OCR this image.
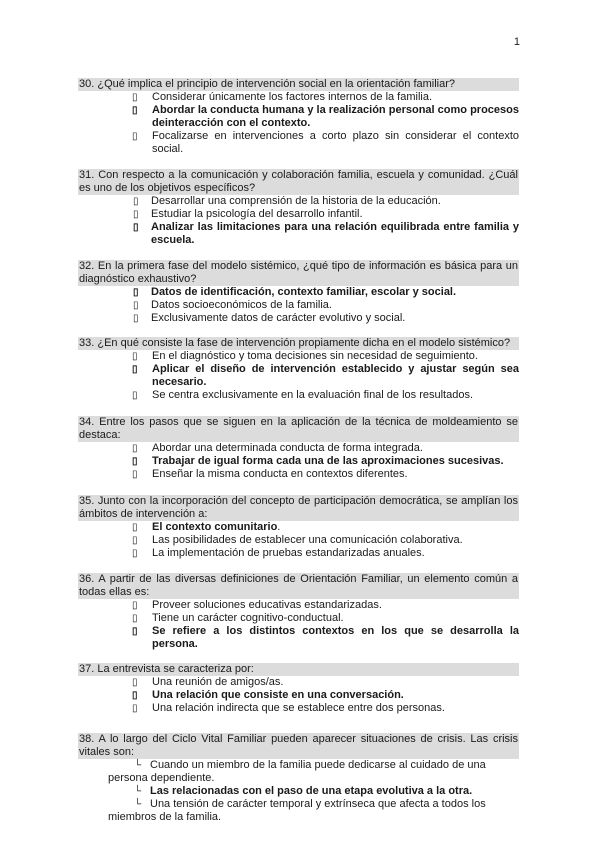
1
30. ¿Qué implica el principio de intervención social en la orientación familiar?
▯ Considerar únicamente los factores internos de la familia.
▯ Abordar la conducta humana y la realización personal como procesos deinteracción con el contexto.
▯ Focalizarse en intervenciones a corto plazo sin considerar el contexto social.
31. Con respecto a la comunicación y colaboración familia, escuela y comunidad. ¿Cuál es uno de los objetivos específicos?
▯ Desarrollar una comprensión de la historia de la educación.
▯ Estudiar la psicología del desarrollo infantil.
▯ Analizar las limitaciones para una relación equilibrada entre familia y escuela.
32. En la primera fase del modelo sistémico, ¿qué tipo de información es básica para un diagnóstico exhaustivo?
▯ Datos de identificación, contexto familiar, escolar y social.
▯ Datos socioeconómicos de la familia.
▯ Exclusivamente datos de carácter evolutivo y social.
33. ¿En qué consiste la fase de intervención propiamente dicha en el modelo sistémico?
▯ En el diagnóstico y toma decisiones sin necesidad de seguimiento.
▯ Aplicar el diseño de intervención establecido y ajustar según sea necesario.
▯ Se centra exclusivamente en la evaluación final de los resultados.
34. Entre los pasos que se siguen en la aplicación de la técnica de moldeamiento se destaca:
▯ Abordar una determinada conducta de forma integrada.
▯ Trabajar de igual forma cada una de las aproximaciones sucesivas.
▯ Enseñar la misma conducta en contextos diferentes.
35. Junto con la incorporación del concepto de participación democrática, se amplían los ámbitos de intervención a:
▯ El contexto comunitario.
▯ Las posibilidades de establecer una comunicación colaborativa.
▯ La implementación de pruebas estandarizadas anuales.
36. A partir de las diversas definiciones de Orientación Familiar, un elemento común a todas ellas es:
▯ Proveer soluciones educativas estandarizadas.
▯ Tiene un carácter cognitivo-conductual.
▯ Se refiere a los distintos contextos en los que se desarrolla la persona.
37. La entrevista se caracteriza por:
▯ Una reunión de amigos/as.
▯ Una relación que consiste en una conversación.
▯ Una relación indirecta que se establece entre dos personas.
38. A lo largo del Ciclo Vital Familiar pueden aparecer situaciones de crisis. Las crisis vitales son:
└ Cuando un miembro de la familia puede dedicarse al cuidado de una
persona dependiente.
└ Las relacionadas con el paso de una etapa evolutiva a la otra.
└ Una tensión de carácter temporal y extrínseca que afecta a todos los
miembros de la familia.
